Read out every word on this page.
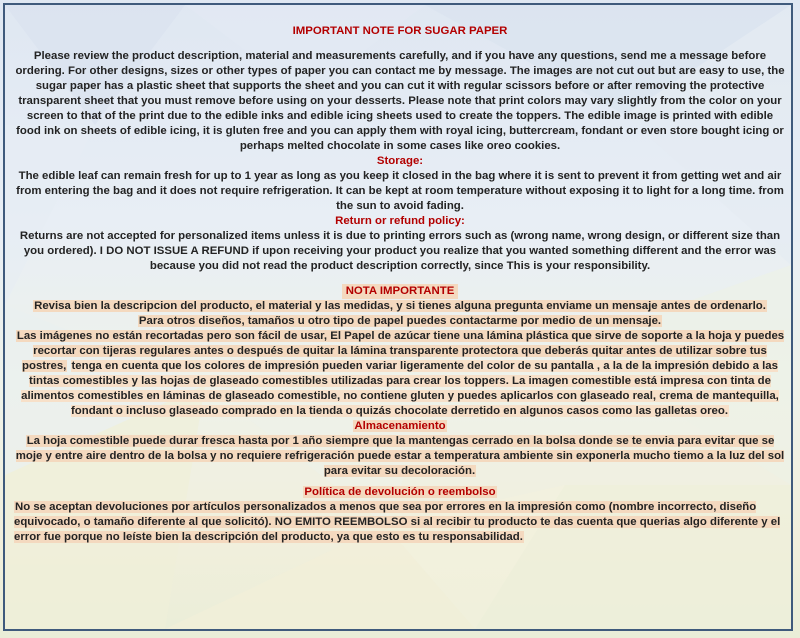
IMPORTANT NOTE FOR SUGAR PAPER

Please review the product description, material and measurements carefully, and if you have any questions, send me a message before ordering. For other designs, sizes or other types of paper you can contact me by message. The images are not cut out but are easy to use, the sugar paper has a plastic sheet that supports the sheet and you can cut it with regular scissors before or after removing the protective transparent sheet that you must remove before using on your desserts. Please note that print colors may vary slightly from the color on your screen to that of the print due to the edible inks and edible icing sheets used to create the toppers. The edible image is printed with edible food ink on sheets of edible icing, it is gluten free and you can apply them with royal icing, buttercream, fondant or even store bought icing or perhaps melted chocolate in some cases like oreo cookies.

Storage:

The edible leaf can remain fresh for up to 1 year as long as you keep it closed in the bag where it is sent to prevent it from getting wet and air from entering the bag and it does not require refrigeration. It can be kept at room temperature without exposing it to light for a long time. from the sun to avoid fading.

Return or refund policy:

Returns are not accepted for personalized items unless it is due to printing errors such as (wrong name, wrong design, or different size than you ordered). I DO NOT ISSUE A REFUND if upon receiving your product you realize that you wanted something different and the error was because you did not read the product description correctly, since This is your responsibility.

NOTA IMPORTANTE

Revisa bien la descripcion del producto, el material y las medidas, y si tienes alguna pregunta enviame un mensaje antes de ordenarlo.

Para otros diseños, tamaños u otro tipo de papel puedes contactarme por medio de un mensaje.

Las imágenes no están recortadas pero son fácil de usar, El Papel de azúcar tiene una lámina plástica que sirve de soporte a la hoja y puedes recortar con tijeras regulares antes o después de quitar la lámina transparente protectora que deberás quitar antes de utilizar sobre tus postres, tenga en cuenta que los colores de impresión pueden variar ligeramente del color de su pantalla , a la de la impresión debido a las tintas comestibles y las hojas de glaseado comestibles utilizadas para crear los toppers. La imagen comestible está impresa con tinta de alimentos comestibles en láminas de glaseado comestible, no contiene gluten y puedes aplicarlos con glaseado real, crema de mantequilla, fondant o incluso glaseado comprado en la tienda o quizás chocolate derretido en algunos casos como las galletas oreo.

Almacenamiento

La hoja comestible puede durar fresca hasta por 1 año siempre que la mantengas cerrado en la bolsa donde se te envia para evitar que se moje y entre aire dentro de la bolsa y no requiere refrigeración puede estar a temperatura ambiente sin exponerla mucho tiemo a la luz del sol para evitar su decoloración.

Política de devolución o reembolso

No se aceptan devoluciones por artículos personalizados a menos que sea por errores en la impresión como (nombre incorrecto, diseño equivocado, o tamaño diferente al que solicitó). NO EMITO REEMBOLSO si al recibir tu producto te das cuenta que querias algo diferente y el error fue porque no leíste bien la descripción del producto, ya que esto es tu responsabilidad.
